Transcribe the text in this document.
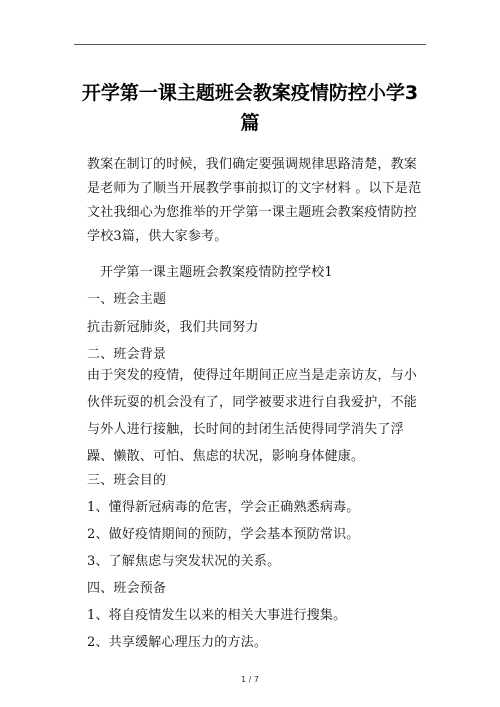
开学第一课主题班会教案疫情防控小学3篇
教案在制订的时候，我们确定要强调规律思路清楚，教案是老师为了顺当开展教学事前拟订的文字材料 。以下是范文社我细心为您推举的开学第一课主题班会教案疫情防控学校3篇，供大家参考。
开学第一课主题班会教案疫情防控学校1
一、班会主题
抗击新冠肺炎，我们共同努力
二、班会背景
由于突发的疫情，使得过年期间正应当是走亲访友，与小伙伴玩耍的机会没有了，同学被要求进行自我爱护，不能与外人进行接触，长时间的封闭生活使得同学消失了浮躁、懒散、可怕、焦虑的状况，影响身体健康。
三、班会目的
1、懂得新冠病毒的危害，学会正确熟悉病毒。
2、做好疫情期间的预防，学会基本预防常识。
3、了解焦虑与突发状况的关系。
四、班会预备
1、将自疫情发生以来的相关大事进行搜集。
2、共享缓解心理压力的方法。
1 / 7
